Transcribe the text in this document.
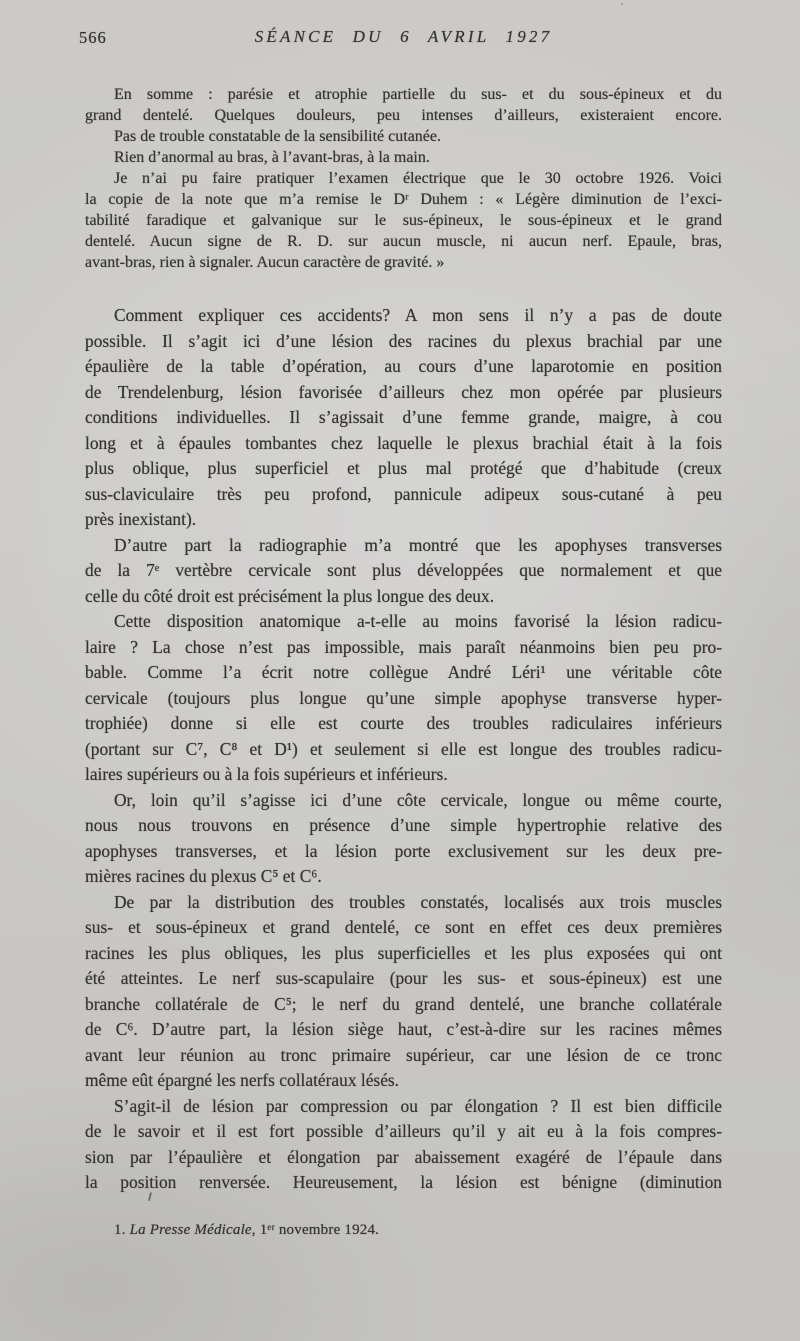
566	SÉANCE DU 6 AVRIL 1927
En somme : parésie et atrophie partielle du sus- et du sous-épineux et du
grand dentelé. Quelques douleurs, peu intenses d’ailleurs, existeraient encore.
Pas de trouble constatable de la sensibilité cutanée.
Rien d’anormal au bras, à l’avant-bras, à la main.
Je n’ai pu faire pratiquer l’examen électrique que le 30 octobre 1926. Voici
la copie de la note que m’a remise le Dʳ Duhem : « Légère diminution de l’exci-
tabilité faradique et galvanique sur le sus-épineux, le sous-épineux et le grand
dentelé. Aucun signe de R. D. sur aucun muscle, ni aucun nerf. Epaule, bras,
avant-bras, rien à signaler. Aucun caractère de gravité. »
Comment expliquer ces accidents? A mon sens il n’y a pas de doute
possible. Il s’agit ici d’une lésion des racines du plexus brachial par une
épaulière de la table d’opération, au cours d’une laparotomie en position
de Trendelenburg, lésion favorisée d’ailleurs chez mon opérée par plusieurs
conditions individuelles. Il s’agissait d’une femme grande, maigre, à cou
long et à épaules tombantes chez laquelle le plexus brachial était à la fois
plus oblique, plus superficiel et plus mal protégé que d’habitude (creux
sus-claviculaire très peu profond, pannicule adipeux sous-cutané à peu
près inexistant).
D’autre part la radiographie m’a montré que les apophyses transverses
de la 7ᵉ vertèbre cervicale sont plus développées que normalement et que
celle du côté droit est précisément la plus longue des deux.
Cette disposition anatomique a-t-elle au moins favorisé la lésion radicu-
laire ? La chose n’est pas impossible, mais paraît néanmoins bien peu pro-
bable. Comme l’a écrit notre collègue André Léri¹ une véritable côte
cervicale (toujours plus longue qu’une simple apophyse transverse hyper-
trophiée) donne si elle est courte des troubles radiculaires inférieurs
(portant sur C⁷, C⁸ et D¹) et seulement si elle est longue des troubles radicu-
laires supérieurs ou à la fois supérieurs et inférieurs.
Or, loin qu’il s’agisse ici d’une côte cervicale, longue ou même courte,
nous nous trouvons en présence d’une simple hypertrophie relative des
apophyses transverses, et la lésion porte exclusivement sur les deux pre-
mières racines du plexus C⁵ et C⁶.
De par la distribution des troubles constatés, localisés aux trois muscles
sus- et sous-épineux et grand dentelé, ce sont en effet ces deux premières
racines les plus obliques, les plus superficielles et les plus exposées qui ont
été atteintes. Le nerf sus-scapulaire (pour les sus- et sous-épineux) est une
branche collatérale de C⁵; le nerf du grand dentelé, une branche collatérale
de C⁶. D’autre part, la lésion siège haut, c’est-à-dire sur les racines mêmes
avant leur réunion au tronc primaire supérieur, car une lésion de ce tronc
même eût épargné les nerfs collatéraux lésés.
S’agit-il de lésion par compression ou par élongation ? Il est bien difficile
de le savoir et il est fort possible d’ailleurs qu’il y ait eu à la fois compres-
sion par l’épaulière et élongation par abaissement exagéré de l’épaule dans
la position renversée. Heureusement, la lésion est bénigne (diminution
1. La Presse Médicale, 1ᵉʳ novembre 1924.
